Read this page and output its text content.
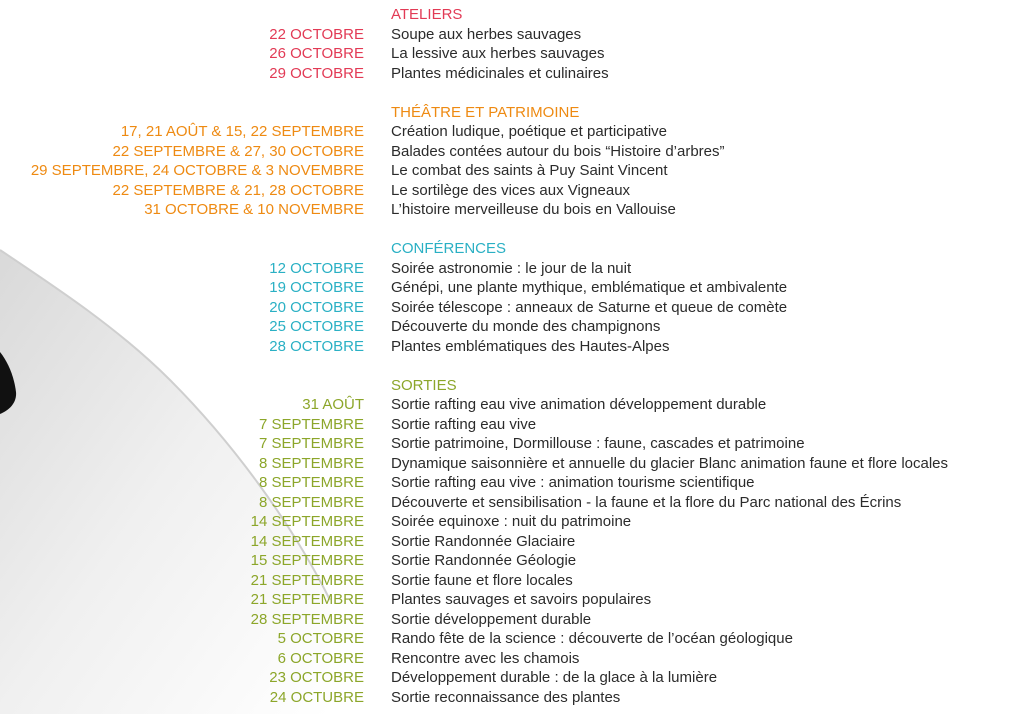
ATELIERS
22 OCTOBRE Soupe aux herbes sauvages
26 OCTOBRE La lessive aux herbes sauvages
29 OCTOBRE Plantes médicinales et culinaires
THÉÂTRE ET PATRIMOINE
17, 21 AOÛT & 15, 22 SEPTEMBRE Création ludique, poétique et participative
22 SEPTEMBRE & 27, 30 OCTOBRE Balades contées autour du bois “Histoire d’arbres”
29 SEPTEMBRE, 24 OCTOBRE & 3 NOVEMBRE Le combat des saints à Puy Saint Vincent
22 SEPTEMBRE & 21, 28 OCTOBRE Le sortilège des vices aux Vigneaux
31 OCTOBRE & 10 NOVEMBRE L’histoire merveilleuse du bois en Vallouise
CONFÉRENCES
12 OCTOBRE Soirée astronomie : le jour de la nuit
19 OCTOBRE Génépi, une plante mythique, emblématique et ambivalente
20 OCTOBRE Soirée télescope : anneaux de Saturne et queue de comète
25 OCTOBRE Découverte du monde des champignons
28 OCTOBRE Plantes emblématiques des Hautes-Alpes
SORTIES
31 AOÛT Sortie rafting eau vive animation développement durable
7 SEPTEMBRE Sortie rafting eau vive
7 SEPTEMBRE Sortie patrimoine, Dormillouse : faune, cascades et patrimoine
8 SEPTEMBRE Dynamique saisonnière et annuelle du glacier Blanc animation faune et flore locales
8 SEPTEMBRE Sortie rafting eau vive : animation tourisme scientifique
8 SEPTEMBRE Découverte et sensibilisation - la faune et la flore du Parc national des Écrins
14 SEPTEMBRE Soirée equinoxe : nuit du patrimoine
14 SEPTEMBRE Sortie Randonnée Glaciaire
15 SEPTEMBRE Sortie Randonnée Géologie
21 SEPTEMBRE Sortie faune et flore locales
21 SEPTEMBRE Plantes sauvages et savoirs populaires
28 SEPTEMBRE Sortie développement durable
5 OCTOBRE Rando fête de la science : découverte de l’océan géologique
6 OCTOBRE Rencontre avec les chamois
23 OCTOBRE Développement durable : de la glace à la lumière
24 OCTUBRE Sortie reconnaissance des plantes
